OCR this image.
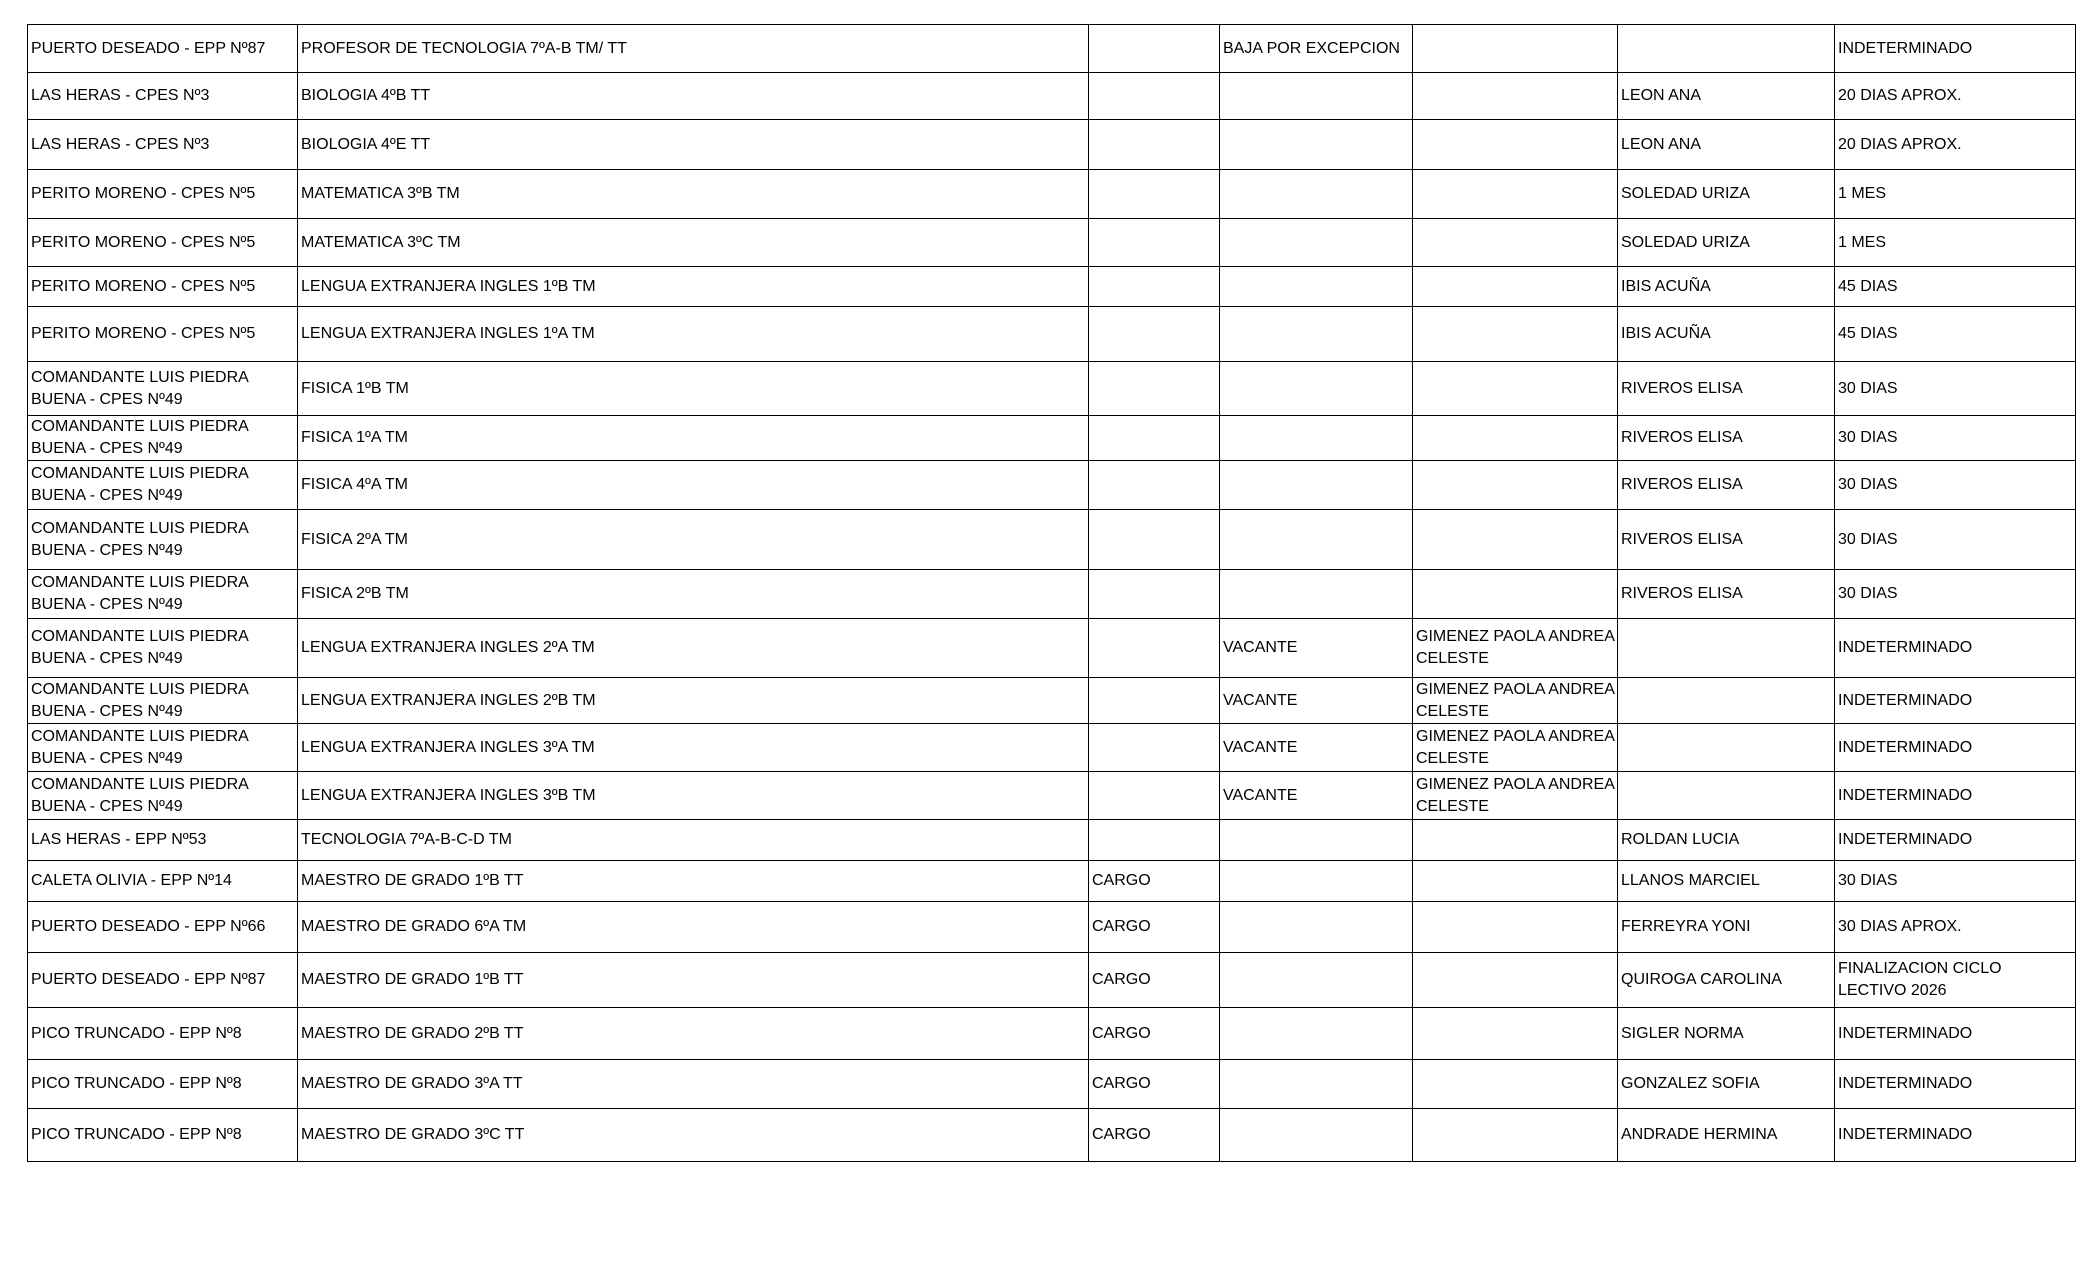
PUERTO DESEADO - EPP Nº87	PROFESOR DE TECNOLOGIA 7ºA-B TM/ TT		BAJA POR EXCEPCION			INDETERMINADO

LAS HERAS - CPES Nº3	BIOLOGIA 4ºB TT				LEON ANA	20 DIAS APROX.

LAS HERAS - CPES Nº3	BIOLOGIA 4ºE TT				LEON ANA	20 DIAS APROX.

PERITO MORENO - CPES Nº5	MATEMATICA 3ºB TM				SOLEDAD URIZA	1 MES

PERITO MORENO - CPES Nº5	MATEMATICA 3ºC TM				SOLEDAD URIZA	1 MES

PERITO MORENO - CPES Nº5	LENGUA EXTRANJERA INGLES 1ºB TM				IBIS ACUÑA	45 DIAS

PERITO MORENO - CPES Nº5	LENGUA EXTRANJERA INGLES 1ºA TM				IBIS ACUÑA	45 DIAS

COMANDANTE LUIS PIEDRA BUENA - CPES Nº49	FISICA 1ºB TM				RIVEROS ELISA	30 DIAS

COMANDANTE LUIS PIEDRA BUENA - CPES Nº49	FISICA 1ºA TM				RIVEROS ELISA	30 DIAS

COMANDANTE LUIS PIEDRA BUENA - CPES Nº49	FISICA 4ºA TM				RIVEROS ELISA	30 DIAS

COMANDANTE LUIS PIEDRA BUENA - CPES Nº49	FISICA 2ºA TM				RIVEROS ELISA	30 DIAS

COMANDANTE LUIS PIEDRA BUENA - CPES Nº49	FISICA 2ºB TM				RIVEROS ELISA	30 DIAS

COMANDANTE LUIS PIEDRA BUENA - CPES Nº49	LENGUA EXTRANJERA INGLES 2ºA TM		VACANTE	GIMENEZ PAOLA ANDREA CELESTE		INDETERMINADO

COMANDANTE LUIS PIEDRA BUENA - CPES Nº49	LENGUA EXTRANJERA INGLES 2ºB TM		VACANTE	GIMENEZ PAOLA ANDREA CELESTE		INDETERMINADO

COMANDANTE LUIS PIEDRA BUENA - CPES Nº49	LENGUA EXTRANJERA INGLES 3ºA TM		VACANTE	GIMENEZ PAOLA ANDREA CELESTE		INDETERMINADO

COMANDANTE LUIS PIEDRA BUENA - CPES Nº49	LENGUA EXTRANJERA INGLES 3ºB TM		VACANTE	GIMENEZ PAOLA ANDREA CELESTE		INDETERMINADO

LAS HERAS - EPP Nº53	TECNOLOGIA 7ºA-B-C-D TM				ROLDAN LUCIA	INDETERMINADO

CALETA OLIVIA - EPP Nº14	MAESTRO DE GRADO 1ºB TT	CARGO			LLANOS MARCIEL	30 DIAS

PUERTO DESEADO - EPP Nº66	MAESTRO DE GRADO 6ºA TM	CARGO			FERREYRA YONI	30 DIAS APROX.

PUERTO DESEADO - EPP Nº87	MAESTRO DE GRADO 1ºB TT	CARGO			QUIROGA CAROLINA	FINALIZACION CICLO LECTIVO 2026

PICO TRUNCADO - EPP Nº8	MAESTRO DE GRADO 2ºB TT	CARGO			SIGLER NORMA	INDETERMINADO

PICO TRUNCADO - EPP Nº8	MAESTRO DE GRADO 3ºA TT	CARGO			GONZALEZ SOFIA	INDETERMINADO

PICO TRUNCADO - EPP Nº8	MAESTRO DE GRADO 3ºC TT	CARGO			ANDRADE HERMINA	INDETERMINADO
